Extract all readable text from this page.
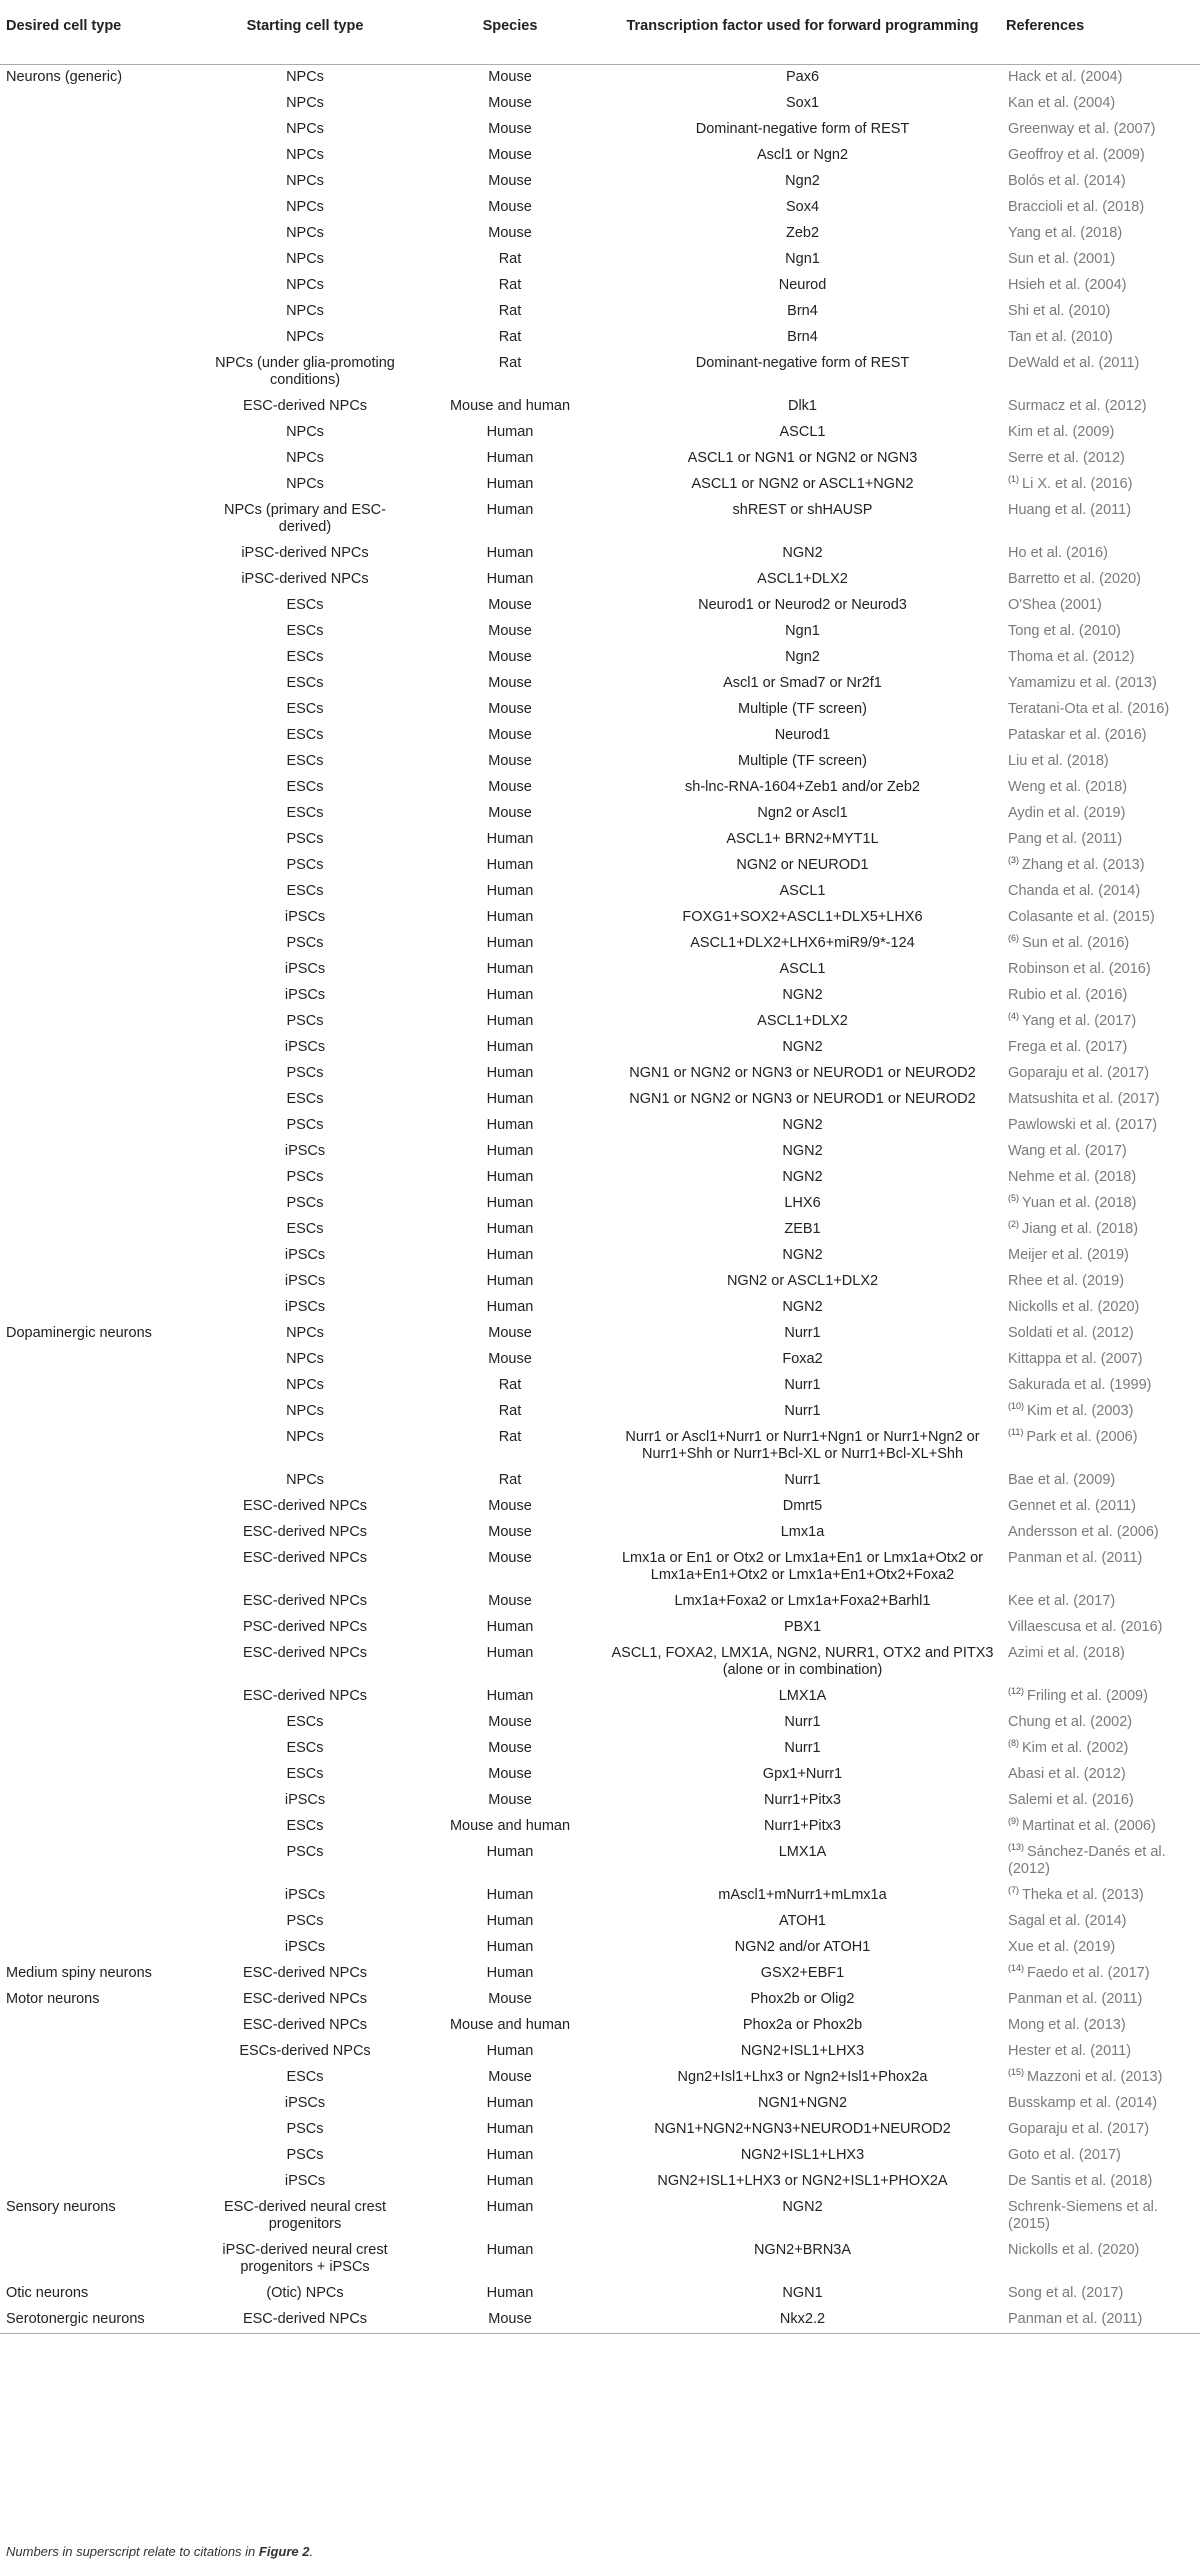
Desired cell type	Starting cell type	Species	Transcription factor used for forward programming	References
Neurons (generic)	NPCs	Mouse	Pax6	Hack et al. (2004)
	NPCs	Mouse	Sox1	Kan et al. (2004)
	NPCs	Mouse	Dominant-negative form of REST	Greenway et al. (2007)
	NPCs	Mouse	Ascl1 or Ngn2	Geoffroy et al. (2009)
	NPCs	Mouse	Ngn2	Bolós et al. (2014)
	NPCs	Mouse	Sox4	Braccioli et al. (2018)
	NPCs	Mouse	Zeb2	Yang et al. (2018)
	NPCs	Rat	Ngn1	Sun et al. (2001)
	NPCs	Rat	Neurod	Hsieh et al. (2004)
	NPCs	Rat	Brn4	Shi et al. (2010)
	NPCs	Rat	Brn4	Tan et al. (2010)
	NPCs (under glia-promoting conditions)	Rat	Dominant-negative form of REST	DeWald et al. (2011)
	ESC-derived NPCs	Mouse and human	Dlk1	Surmacz et al. (2012)
	NPCs	Human	ASCL1	Kim et al. (2009)
	NPCs	Human	ASCL1 or NGN1 or NGN2 or NGN3	Serre et al. (2012)
	NPCs	Human	ASCL1 or NGN2 or ASCL1+NGN2	$^{(1)}$ Li X. et al. (2016)
	NPCs (primary and ESC-derived)	Human	shREST or shHAUSP	Huang et al. (2011)
	iPSC-derived NPCs	Human	NGN2	Ho et al. (2016)
	iPSC-derived NPCs	Human	ASCL1+DLX2	Barretto et al. (2020)
	ESCs	Mouse	Neurod1 or Neurod2 or Neurod3	O'Shea (2001)
	ESCs	Mouse	Ngn1	Tong et al. (2010)
	ESCs	Mouse	Ngn2	Thoma et al. (2012)
	ESCs	Mouse	Ascl1 or Smad7 or Nr2f1	Yamamizu et al. (2013)
	ESCs	Mouse	Multiple (TF screen)	Teratani-Ota et al. (2016)
	ESCs	Mouse	Neurod1	Pataskar et al. (2016)
	ESCs	Mouse	Multiple (TF screen)	Liu et al. (2018)
	ESCs	Mouse	sh-lnc-RNA-1604+Zeb1 and/or Zeb2	Weng et al. (2018)
	ESCs	Mouse	Ngn2 or Ascl1	Aydin et al. (2019)
	PSCs	Human	ASCL1+ BRN2+MYT1L	Pang et al. (2011)
	PSCs	Human	NGN2 or NEUROD1	$^{(3)}$ Zhang et al. (2013)
	ESCs	Human	ASCL1	Chanda et al. (2014)
	iPSCs	Human	FOXG1+SOX2+ASCL1+DLX5+LHX6	Colasante et al. (2015)
	PSCs	Human	ASCL1+DLX2+LHX6+miR9/9*-124	$^{(6)}$ Sun et al. (2016)
	iPSCs	Human	ASCL1	Robinson et al. (2016)
	iPSCs	Human	NGN2	Rubio et al. (2016)
	PSCs	Human	ASCL1+DLX2	$^{(4)}$ Yang et al. (2017)
	iPSCs	Human	NGN2	Frega et al. (2017)
	PSCs	Human	NGN1 or NGN2 or NGN3 or NEUROD1 or NEUROD2	Goparaju et al. (2017)
	ESCs	Human	NGN1 or NGN2 or NGN3 or NEUROD1 or NEUROD2	Matsushita et al. (2017)
	PSCs	Human	NGN2	Pawlowski et al. (2017)
	iPSCs	Human	NGN2	Wang et al. (2017)
	PSCs	Human	NGN2	Nehme et al. (2018)
	PSCs	Human	LHX6	$^{(5)}$ Yuan et al. (2018)
	ESCs	Human	ZEB1	$^{(2)}$ Jiang et al. (2018)
	iPSCs	Human	NGN2	Meijer et al. (2019)
	iPSCs	Human	NGN2 or ASCL1+DLX2	Rhee et al. (2019)
	iPSCs	Human	NGN2	Nickolls et al. (2020)
Dopaminergic neurons	NPCs	Mouse	Nurr1	Soldati et al. (2012)
	NPCs	Mouse	Foxa2	Kittappa et al. (2007)
	NPCs	Rat	Nurr1	Sakurada et al. (1999)
	NPCs	Rat	Nurr1	$^{(10)}$ Kim et al. (2003)
	NPCs	Rat	Nurr1 or Ascl1+Nurr1 or Nurr1+Ngn1 or Nurr1+Ngn2 or Nurr1+Shh or Nurr1+Bcl-XL or Nurr1+Bcl-XL+Shh	$^{(11)}$ Park et al. (2006)
	NPCs	Rat	Nurr1	Bae et al. (2009)
	ESC-derived NPCs	Mouse	Dmrt5	Gennet et al. (2011)
	ESC-derived NPCs	Mouse	Lmx1a	Andersson et al. (2006)
	ESC-derived NPCs	Mouse	Lmx1a or En1 or Otx2 or Lmx1a+En1 or Lmx1a+Otx2 or Lmx1a+En1+Otx2 or Lmx1a+En1+Otx2+Foxa2	Panman et al. (2011)
	ESC-derived NPCs	Mouse	Lmx1a+Foxa2 or Lmx1a+Foxa2+Barhl1	Kee et al. (2017)
	PSC-derived NPCs	Human	PBX1	Villaescusa et al. (2016)
	ESC-derived NPCs	Human	ASCL1, FOXA2, LMX1A, NGN2, NURR1, OTX2 and PITX3 (alone or in combination)	Azimi et al. (2018)
	ESC-derived NPCs	Human	LMX1A	$^{(12)}$ Friling et al. (2009)
	ESCs	Mouse	Nurr1	Chung et al. (2002)
	ESCs	Mouse	Nurr1	$^{(8)}$ Kim et al. (2002)
	ESCs	Mouse	Gpx1+Nurr1	Abasi et al. (2012)
	iPSCs	Mouse	Nurr1+Pitx3	Salemi et al. (2016)
	ESCs	Mouse and human	Nurr1+Pitx3	$^{(9)}$ Martinat et al. (2006)
	PSCs	Human	LMX1A	$^{(13)}$ Sánchez-Danés et al. (2012)
	iPSCs	Human	mAscl1+mNurr1+mLmx1a	$^{(7)}$ Theka et al. (2013)
	PSCs	Human	ATOH1	Sagal et al. (2014)
	iPSCs	Human	NGN2 and/or ATOH1	Xue et al. (2019)
Medium spiny neurons	ESC-derived NPCs	Human	GSX2+EBF1	$^{(14)}$ Faedo et al. (2017)
Motor neurons	ESC-derived NPCs	Mouse	Phox2b or Olig2	Panman et al. (2011)
	ESC-derived NPCs	Mouse and human	Phox2a or Phox2b	Mong et al. (2013)
	ESCs-derived NPCs	Human	NGN2+ISL1+LHX3	Hester et al. (2011)
	ESCs	Mouse	Ngn2+Isl1+Lhx3 or Ngn2+Isl1+Phox2a	$^{(15)}$ Mazzoni et al. (2013)
	iPSCs	Human	NGN1+NGN2	Busskamp et al. (2014)
	PSCs	Human	NGN1+NGN2+NGN3+NEUROD1+NEUROD2	Goparaju et al. (2017)
	PSCs	Human	NGN2+ISL1+LHX3	Goto et al. (2017)
	iPSCs	Human	NGN2+ISL1+LHX3 or NGN2+ISL1+PHOX2A	De Santis et al. (2018)
Sensory neurons	ESC-derived neural crest progenitors	Human	NGN2	Schrenk-Siemens et al. (2015)
	iPSC-derived neural crest progenitors + iPSCs	Human	NGN2+BRN3A	Nickolls et al. (2020)
Otic neurons	(Otic) NPCs	Human	NGN1	Song et al. (2017)
Serotonergic neurons	ESC-derived NPCs	Mouse	Nkx2.2	Panman et al. (2011)
Numbers in superscript relate to citations in Figure 2.
